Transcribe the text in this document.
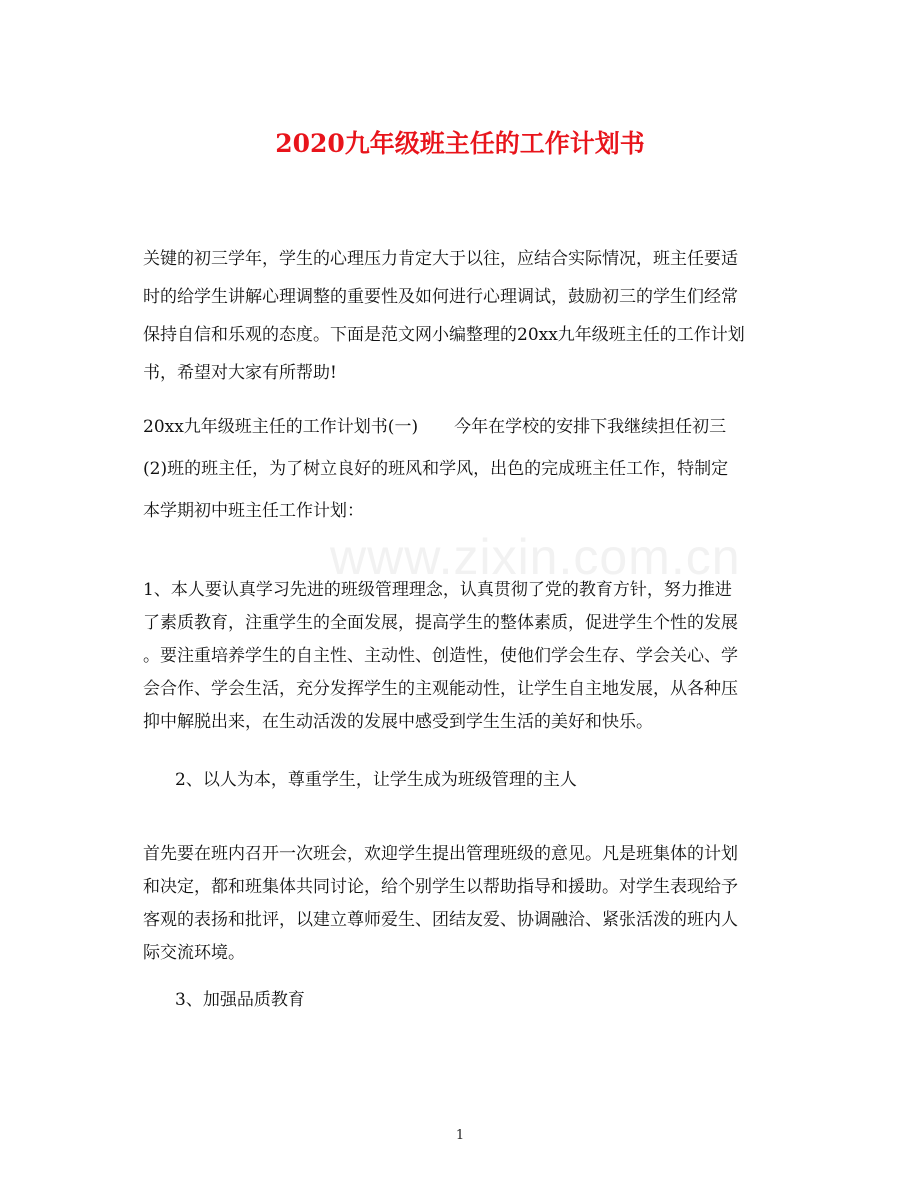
2020九年级班主任的工作计划书
www.zixin.com.cn
关键的初三学年，学生的心理压力肯定大于以往，应结合实际情况，班主任要适
时的给学生讲解心理调整的重要性及如何进行心理调试，鼓励初三的学生们经常
保持自信和乐观的态度。下面是范文网小编整理的20xx九年级班主任的工作计划
书，希望对大家有所帮助!
20xx九年级班主任的工作计划书(一) 今年在学校的安排下我继续担任初三
(2)班的班主任，为了树立良好的班风和学风，出色的完成班主任工作，特制定
本学期初中班主任工作计划：
1、本人要认真学习先进的班级管理理念，认真贯彻了党的教育方针，努力推进
了素质教育，注重学生的全面发展，提高学生的整体素质，促进学生个性的发展
。要注重培养学生的自主性、主动性、创造性，使他们学会生存、学会关心、学
会合作、学会生活，充分发挥学生的主观能动性，让学生自主地发展，从各种压
抑中解脱出来，在生动活泼的发展中感受到学生生活的美好和快乐。
2、以人为本，尊重学生，让学生成为班级管理的主人
首先要在班内召开一次班会，欢迎学生提出管理班级的意见。凡是班集体的计划
和决定，都和班集体共同讨论，给个别学生以帮助指导和援助。对学生表现给予
客观的表扬和批评，以建立尊师爱生、团结友爱、协调融洽、紧张活泼的班内人
际交流环境。
3、加强品质教育
1
